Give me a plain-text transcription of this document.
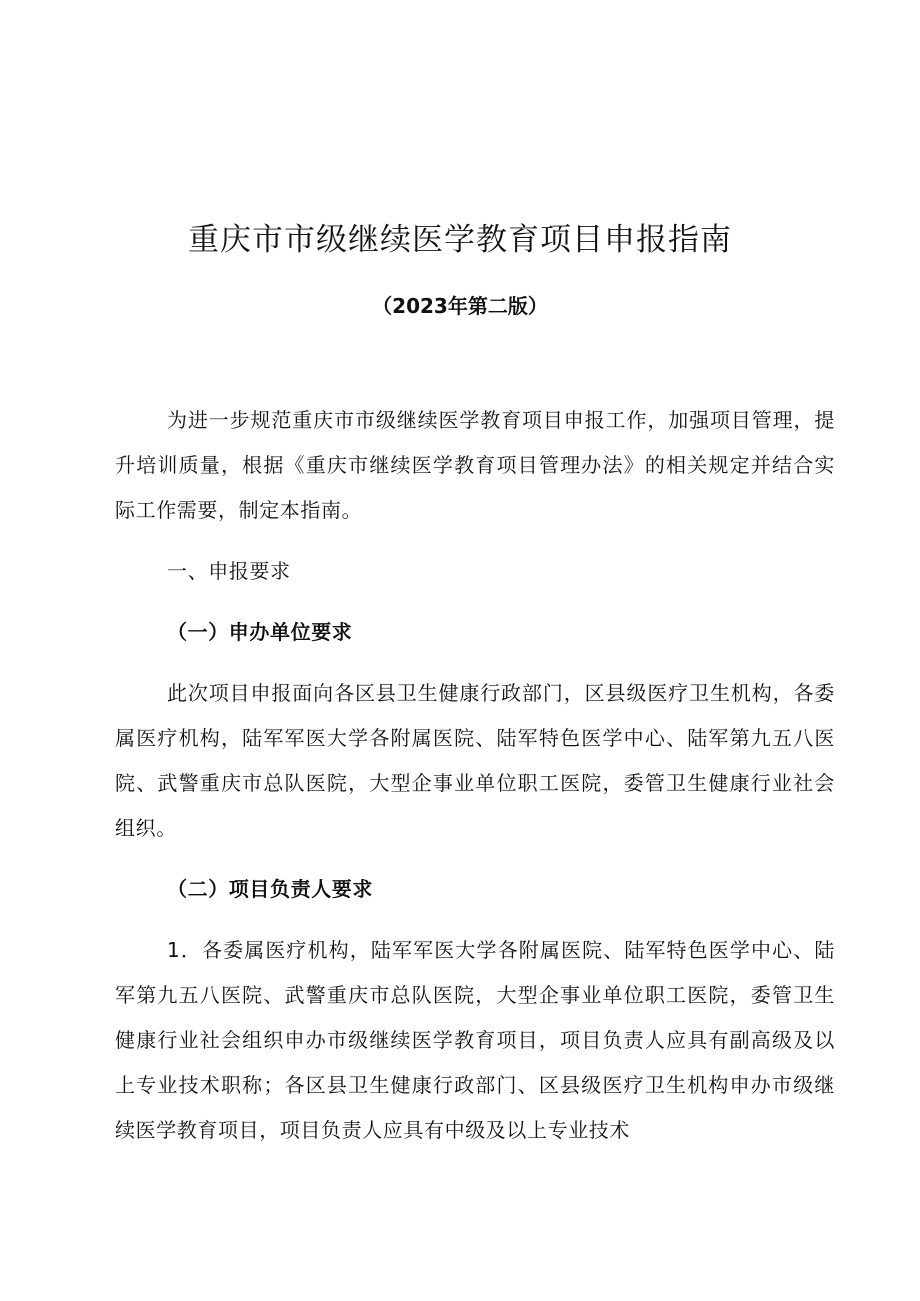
重庆市市级继续医学教育项目申报指南

（2023年第二版）

为进一步规范重庆市市级继续医学教育项目申报工作，加强项目管理，提升培训质量，根据《重庆市继续医学教育项目管理办法》的相关规定并结合实际工作需要，制定本指南。

一、申报要求

（一）申办单位要求

此次项目申报面向各区县卫生健康行政部门，区县级医疗卫生机构，各委属医疗机构，陆军军医大学各附属医院、陆军特色医学中心、陆军第九五八医院、武警重庆市总队医院，大型企事业单位职工医院，委管卫生健康行业社会组织。

（二）项目负责人要求

1．各委属医疗机构，陆军军医大学各附属医院、陆军特色医学中心、陆军第九五八医院、武警重庆市总队医院，大型企事业单位职工医院，委管卫生健康行业社会组织申办市级继续医学教育项目，项目负责人应具有副高级及以上专业技术职称；各区县卫生健康行政部门、区县级医疗卫生机构申办市级继续医学教育项目，项目负责人应具有中级及以上专业技术
